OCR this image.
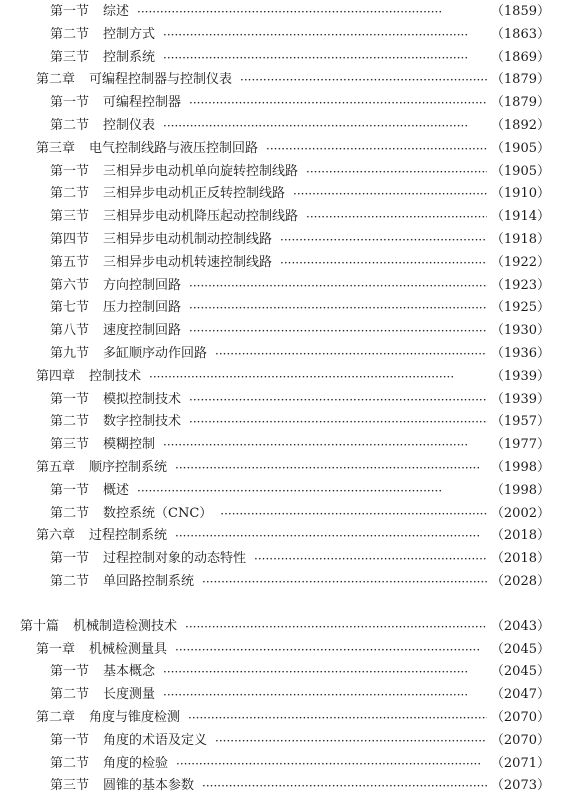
第一节 综述 ·····	（1859）
第二节 控制方式 ·····	（1863）
第三节 控制系统 ·····	（1869）
第二章 可编程控制器与控制仪表 ·····	（1879）
第一节 可编程控制器 ·····	（1879）
第二节 控制仪表 ·····	（1892）
第三章 电气控制线路与液压控制回路 ·····	（1905）
第一节 三相异步电动机单向旋转控制线路 ·····	（1905）
第二节 三相异步电动机正反转控制线路 ·····	（1910）
第三节 三相异步电动机降压起动控制线路 ·····	（1914）
第四节 三相异步电动机制动控制线路 ·····	（1918）
第五节 三相异步电动机转速控制线路 ·····	（1922）
第六节 方向控制回路 ·····	（1923）
第七节 压力控制回路 ·····	（1925）
第八节 速度控制回路 ·····	（1930）
第九节 多缸顺序动作回路 ·····	（1936）
第四章 控制技术 ·····	（1939）
第一节 模拟控制技术 ·····	（1939）
第二节 数字控制技术 ·····	（1957）
第三节 模糊控制 ·····	（1977）
第五章 顺序控制系统 ·····	（1998）
第一节 概述 ·····	（1998）
第二节 数控系统（CNC） ·····	（2002）
第六章 过程控制系统 ·····	（2018）
第一节 过程控制对象的动态特性 ·····	（2018）
第二节 单回路控制系统 ·····	（2028）
第十篇 机械制造检测技术 ·····	（2043）
第一章 机械检测量具 ·····	（2045）
第一节 基本概念 ·····	（2045）
第二节 长度测量 ·····	（2047）
第二章 角度与锥度检测 ·····	（2070）
第一节 角度的术语及定义 ·····	（2070）
第二节 角度的检验 ·····	（2071）
第三节 圆锥的基本参数 ·····	（2073）
